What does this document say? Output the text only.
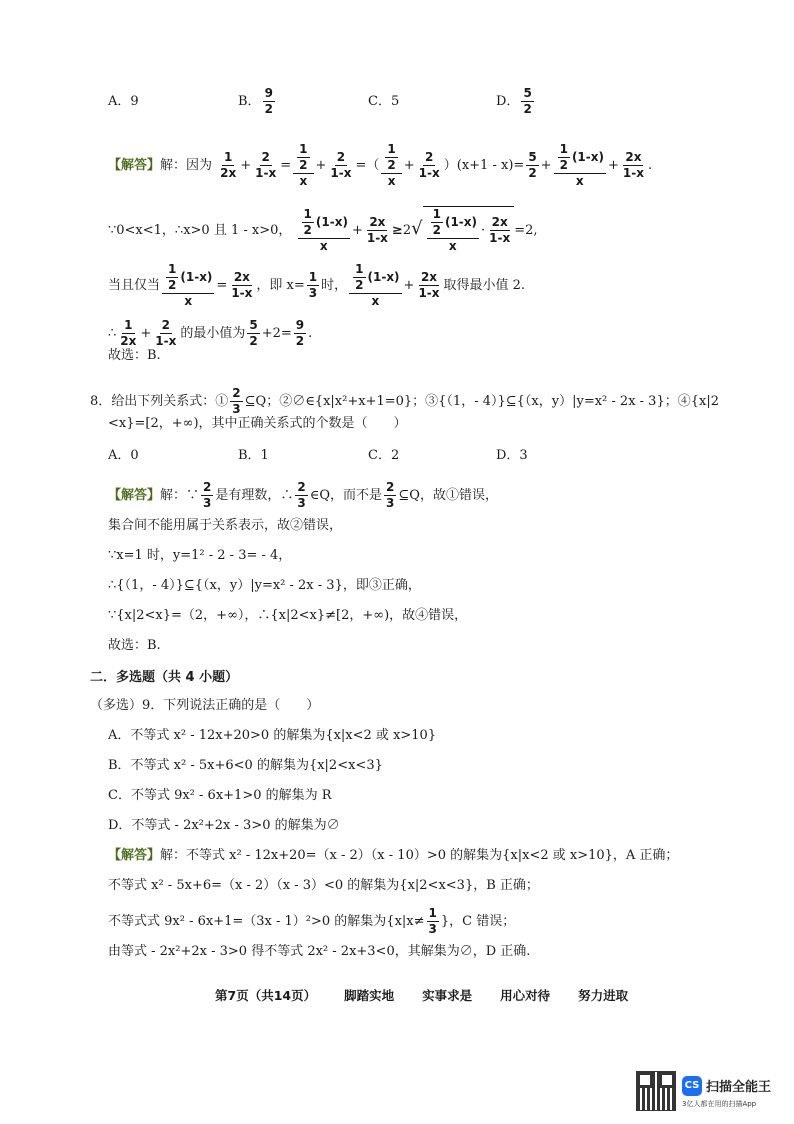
A．9	B． $\frac{9}{2}$	C．5	D． $\frac{5}{2}$
【解答】解：因为 $\frac{1}{2x} + \frac{2}{1-x} = \frac{\frac{1}{2}}{x} + \frac{2}{1-x}$ =（ $\frac{\frac{1}{2}}{x} + \frac{2}{1-x} )(x+1 - x)= \frac{5}{2} + \frac{\frac{1}{2} (1-x)}{x} + \frac{2x}{1-x}$ .
∵0<x<1，∴x>0 且 1 - x>0， $\frac{\frac{1}{2} (1-x)}{x} + \frac{2x}{1-x} \ge 2√ \frac{\frac{1}{2} (1-x)}{x} \cdot \frac{2x}{1-x} =2$,
当且仅当 $\frac{\frac{1}{2} (1-x)}{x} = \frac{2x}{1-x}$ ，即 $x= \frac{1}{3}$ 时， $\frac{\frac{1}{2} (1-x)}{x} + \frac{2x}{1-x}$ 取得最小值 2.
∴ $\frac{1}{2x} + \frac{2}{1-x}$ 的最小值为 $\frac{5}{2} +2= \frac{9}{2}$ .
故选：B.
8．给出下列关系式：① $\frac{2}{3}$ ⊆Q；②∅∈{x|x²+x+1=0}；③{（1，- 4）}⊆{（x，y）|y=x² - 2x - 3}；④{x|2
<x}=[2，+∞)，其中正确关系式的个数是（　　）
A．0	B．1	C．2	D．3
【解答】解：∵ $\frac{2}{3}$ 是有理数，∴ $\frac{2}{3}$ ∈Q，而不是 $\frac{2}{3}$ ⊆Q，故①错误，
集合间不能用属于关系表示，故②错误，
∵x=1 时，y=1² - 2 - 3= - 4，
∴{（1，- 4）}⊆{（x，y）|y=x² - 2x - 3}，即③正确，
∵{x|2<x}=（2，+∞），∴{x|2<x}≠[2，+∞)，故④错误，
故选：B.
二．多选题（共 4 小题）
（多选）9．下列说法正确的是（　　）
A．不等式 x² - 12x+20>0 的解集为{x|x<2 或 x>10}
B．不等式 x² - 5x+6<0 的解集为{x|2<x<3}
C．不等式 9x² - 6x+1>0 的解集为 R
D．不等式 - 2x²+2x - 3>0 的解集为∅
【解答】解：不等式 x² - 12x+20=（x - 2）（x - 10）>0 的解集为{x|x<2 或 x>10}，A 正确；
不等式 x² - 5x+6=（x - 2）（x - 3）<0 的解集为{x|2<x<3}，B 正确；
不等式式 9x² - 6x+1=（3x - 1）²>0 的解集为{$x|x\ne \frac{1}{3}$ }，C 错误；
由等式 - 2x²+2x - 3>0 得不等式 2x² - 2x+3<0，其解集为∅，D 正确.
第7页（共14页） 脚踏实地 实事求是 用心对待 努力进取
CS 扫描全能王
3亿人都在用的扫描App
